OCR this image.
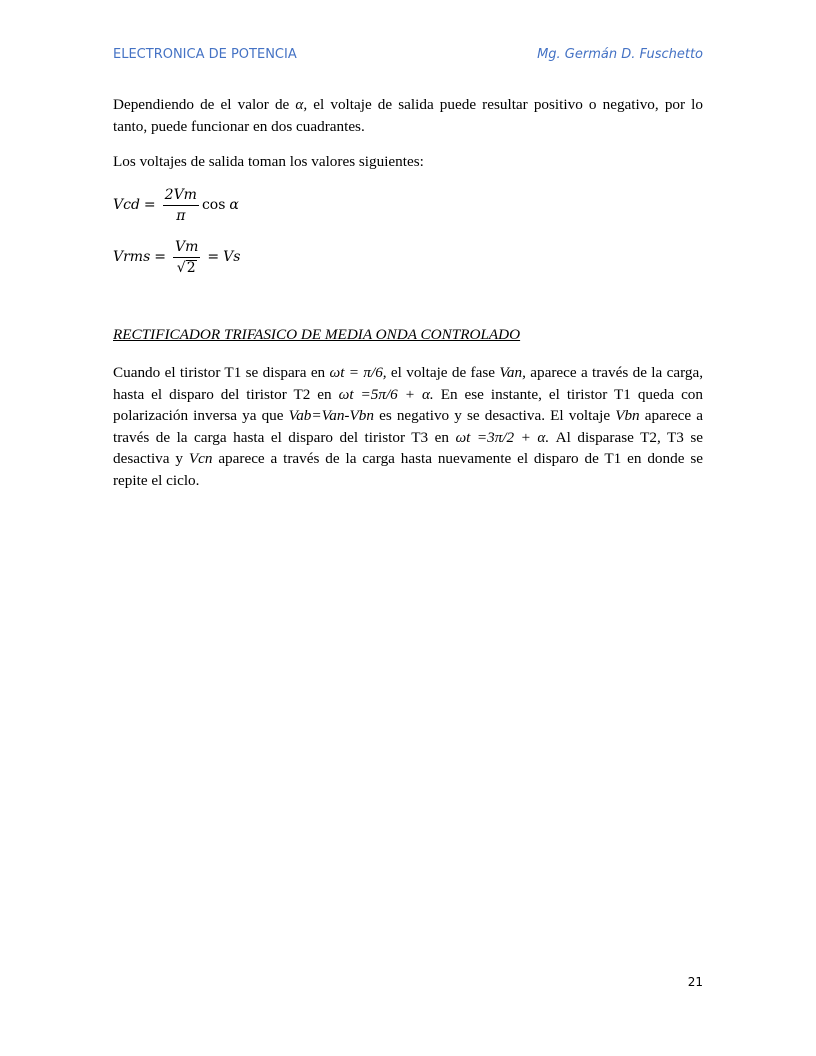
ELECTRONICA DE POTENCIA	Mg. Germán D. Fuschetto

Dependiendo de el valor de α, el voltaje de salida puede resultar positivo o negativo, por lo tanto, puede funcionar en dos cuadrantes.

Los voltajes de salida toman los valores siguientes:

Vcd = $\frac{2Vm}{\pi}$ cos α
Vrms = $\frac{Vm}{√ 2} = Vs$
RECTIFICADOR TRIFASICO DE MEDIA ONDA CONTROLADO

Cuando el tiristor T1 se dispara en ωt = π/6, el voltaje de fase Van, aparece a través de la carga, hasta el disparo del tiristor T2 en ωt =5π/6 + α. En ese instante, el tiristor T1 queda con polarización inversa ya que Vab=Van-Vbn es negativo y se desactiva. El voltaje Vbn aparece a través de la carga hasta el disparo del tiristor T3 en ωt =3π/2 + α. Al disparase T2, T3 se desactiva y Vcn aparece a través de la carga hasta nuevamente el disparo de T1 en donde se repite el ciclo.

21
